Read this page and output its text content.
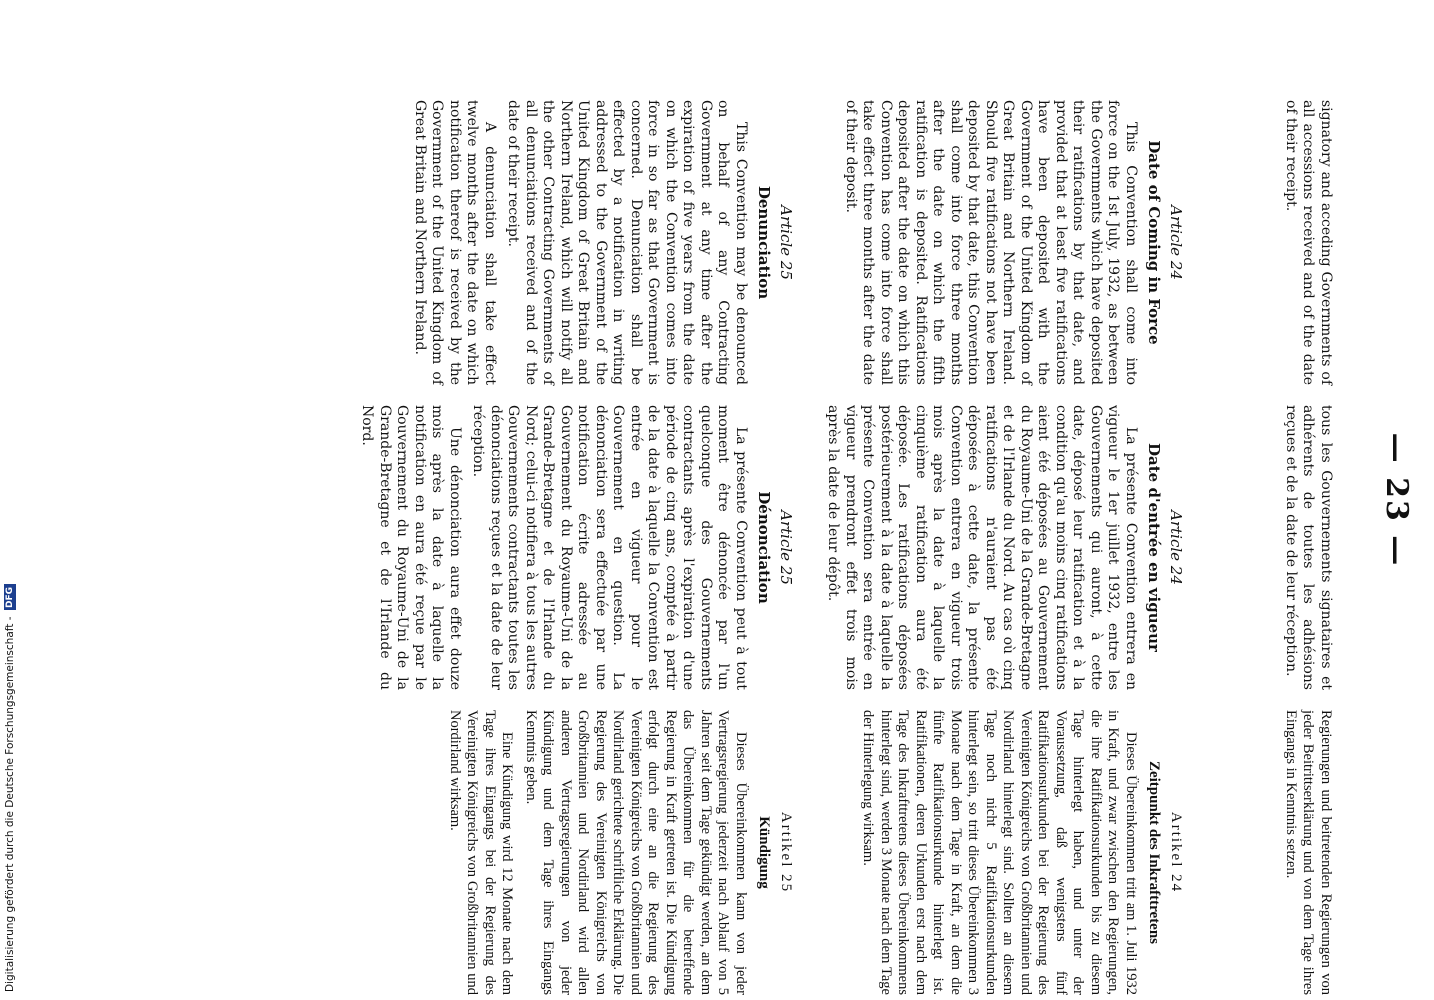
— 23 —

signatory and acceding Governments of all accessions received and of the date of their receipt.

Article 24
Date of Coming in Force

This Convention shall come into force on the 1st July, 1932, as between the Governments which have deposited their ratifications by that date, and provided that at least five ratifications have been deposited with the Government of the United Kingdom of Great Britain and Northern Ireland. Should five ratifications not have been deposited by that date, this Convention shall come into force three months after the date on which the fifth ratification is deposited. Ratifications deposited after the date on which this Convention has come into force shall take effect three months after the date of their deposit.

Article 25
Denunciation

This Convention may be denounced on behalf of any Contracting Government at any time after the expiration of five years from the date on which the Convention comes into force in so far as that Government is concerned. Denunciation shall be effected by a notification in writing addressed to the Government of the United Kingdom of Great Britain and Northern Ireland, which will notify all the other Contracting Governments of all denunciations received and of the date of their receipt.

A denunciation shall take effect twelve months after the date on which notification thereof is received by the Government of the United Kingdom of Great Britain and Northern Ireland.

tous les Gouvernements signataires et adhérents de toutes les adhésions reçues et de la date de leur réception.

Article 24
Date d'entrée en vigueur

La présente Convention entrera en vigueur le 1er juillet 1932, entre les Gouvernements qui auront, à cette date, déposé leur ratification et à la condition qu'au moins cinq ratifications aient été déposées au Gouvernement du Royaume-Uni de la Grande-Bretagne et de l'Irlande du Nord. Au cas où cinq ratifications n'auraient pas été déposées à cette date, la présente Convention entrera en vigueur trois mois après la date à laquelle la cinquième ratification aura été déposée. Les ratifications déposées postérieurement à la date à laquelle la présente Convention sera entrée en vigueur prendront effet trois mois après la date de leur dépôt.

Article 25
Dénonciation

La présente Convention peut à tout moment être dénoncée par l'un quelconque des Gouvernements contractants après l'expiration d'une période de cinq ans, comptée à partir de la date à laquelle la Convention est entrée en vigueur pour le Gouvernement en question. La dénonciation sera effectuée par une notification écrite adressée au Gouvernement du Royaume-Uni de la Grande-Bretagne et de l'Irlande du Nord; celui-ci notifiera à tous les autres Gouvernements contractants toutes les dénonciations reçues et la date de leur réception.

Une dénonciation aura effet douze mois après la date à laquelle la notification en aura été reçue par le Gouvernement du Royaume-Uni de la Grande-Bretagne et de l'Irlande du Nord.

Regierungen und beitretenden Regierungen von jeder Beitrittserklärung und von dem Tage ihres Eingangs in Kenntnis setzen.

Artikel 24
Zeitpunkt des Inkrafttretens

Dieses Übereinkommen tritt am 1. Juli 1932 in Kraft, und zwar zwischen den Regierungen, die ihre Ratifikationsurkunden bis zu diesem Tage hinterlegt haben, und unter der Voraussetzung, daß wenigstens fünf Ratifikationsurkunden bei der Regierung des Vereinigten Königreichs von Großbritannien und Nordirland hinterlegt sind. Sollten an diesem Tage noch nicht 5 Ratifikationsurkunden hinterlegt sein, so tritt dieses Übereinkommen 3 Monate nach dem Tage in Kraft, an dem die fünfte Ratifikationsurkunde hinterlegt ist. Ratifikationen, deren Urkunden erst nach dem Tage des Inkrafttretens dieses Übereinkommens hinterlegt sind, werden 3 Monate nach dem Tage der Hinterlegung wirksam.

Artikel 25
Kündigung

Dieses Übereinkommen kann von jeder Vertragsregierung jederzeit nach Ablauf von 5 Jahren seit dem Tage gekündigt werden, an dem das Übereinkommen für die betreffende Regierung in Kraft getreten ist. Die Kündigung erfolgt durch eine an die Regierung des Vereinigten Königreichs von Großbritannien und Nordirland gerichtete schriftliche Erklärung. Die Regierung des Vereinigten Königreichs von Großbritannien und Nordirland wird allen anderen Vertragsregierungen von jeder Kündigung und dem Tage ihres Eingangs Kenntnis geben.

Eine Kündigung wird 12 Monate nach dem Tage ihres Eingangs bei der Regierung des Vereinigten Königreichs von Großbritannien und Nordirland wirksam.

Digitalisierung gefördert durch die Deutsche Forschungsgemeinschaft -DFG
